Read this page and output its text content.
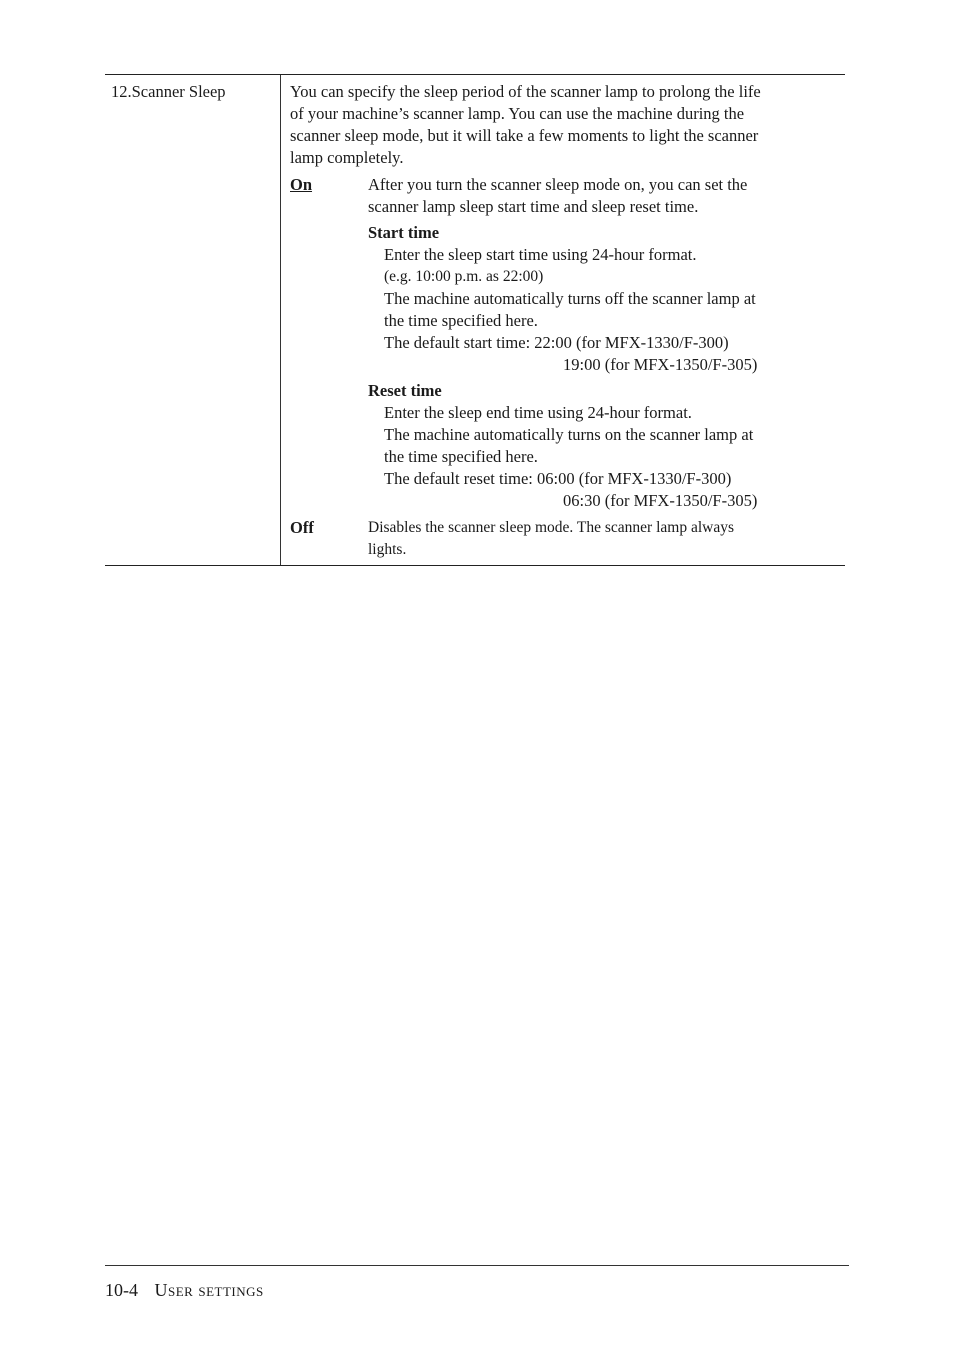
12.Scanner Sleep	You can specify the sleep period of the scanner lamp to prolong the life

of your machine’s scanner lamp. You can use the machine during the

scanner sleep mode, but it will take a few moments to light the scanner

lamp completely.

On	After you turn the scanner sleep mode on, you can set the

scanner lamp sleep start time and sleep reset time.

Start time
Enter the sleep start time using 24-hour format.
(e.g. 10:00 p.m. as 22:00)
The machine automatically turns off the scanner lamp at
the time specified here.
The default start time: 22:00 (for MFX-1330/F-300)
19:00 (for MFX-1350/F-305)
Reset time
Enter the sleep end time using 24-hour format.
The machine automatically turns on the scanner lamp at
the time specified here.
The default reset time: 06:00 (for MFX-1330/F-300)
06:30 (for MFX-1350/F-305)
Off	Disables the scanner sleep mode. The scanner lamp always

lights.

10-4 User settings
